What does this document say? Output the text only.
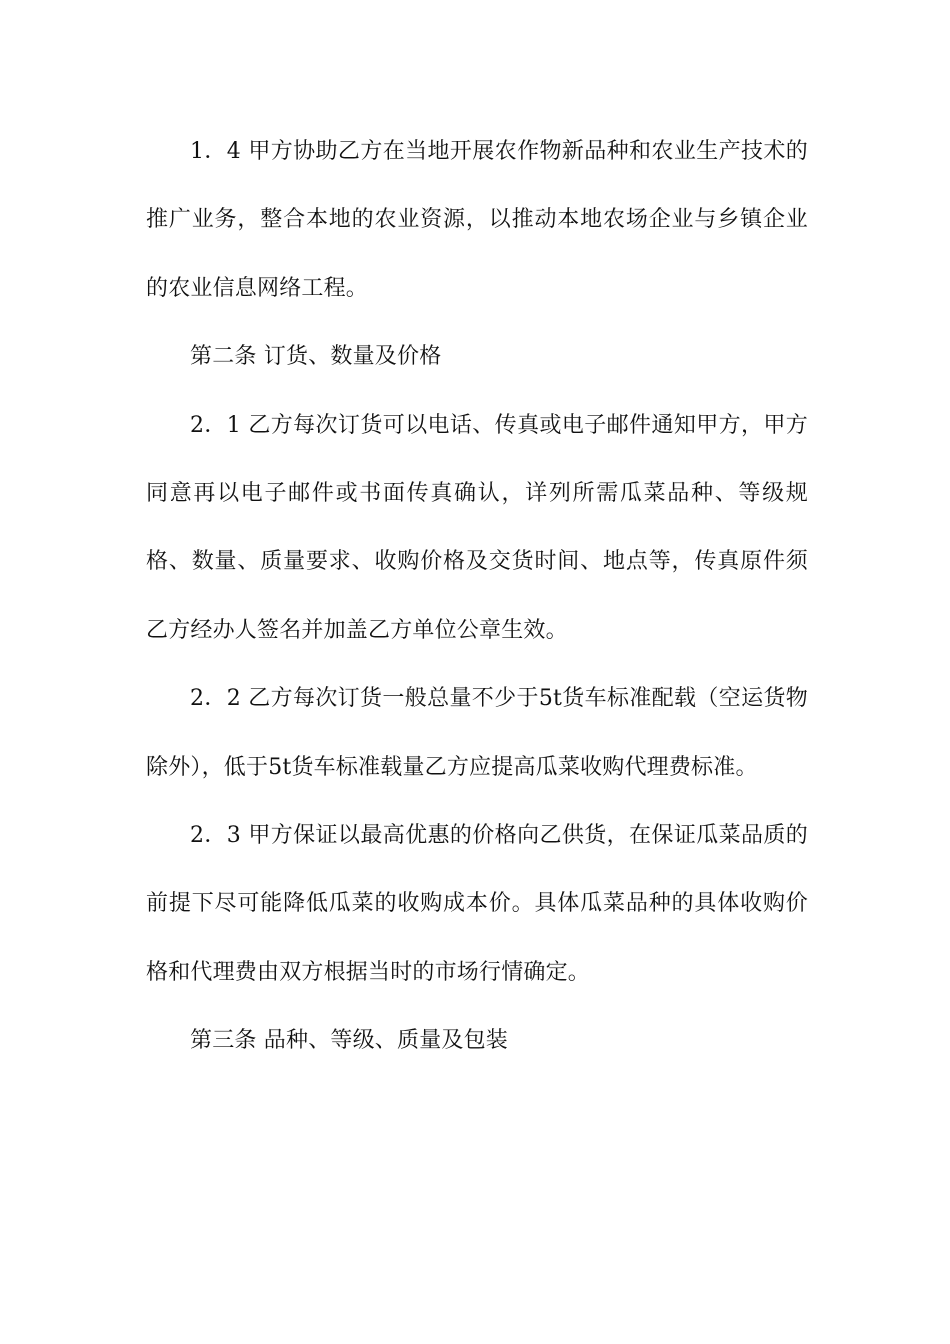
1．4 甲方协助乙方在当地开展农作物新品种和农业生产技术的推广业务，整合本地的农业资源，以推动本地农场企业与乡镇企业的农业信息网络工程。

第二条 订货、数量及价格

2．1 乙方每次订货可以电话、传真或电子邮件通知甲方，甲方同意再以电子邮件或书面传真确认，详列所需瓜菜品种、等级规格、数量、质量要求、收购价格及交货时间、地点等，传真原件须乙方经办人签名并加盖乙方单位公章生效。

2．2 乙方每次订货一般总量不少于5t货车标准配载（空运货物除外），低于5t货车标准载量乙方应提高瓜菜收购代理费标准。

2．3 甲方保证以最高优惠的价格向乙供货，在保证瓜菜品质的前提下尽可能降低瓜菜的收购成本价。具体瓜菜品种的具体收购价格和代理费由双方根据当时的市场行情确定。

第三条 品种、等级、质量及包装
